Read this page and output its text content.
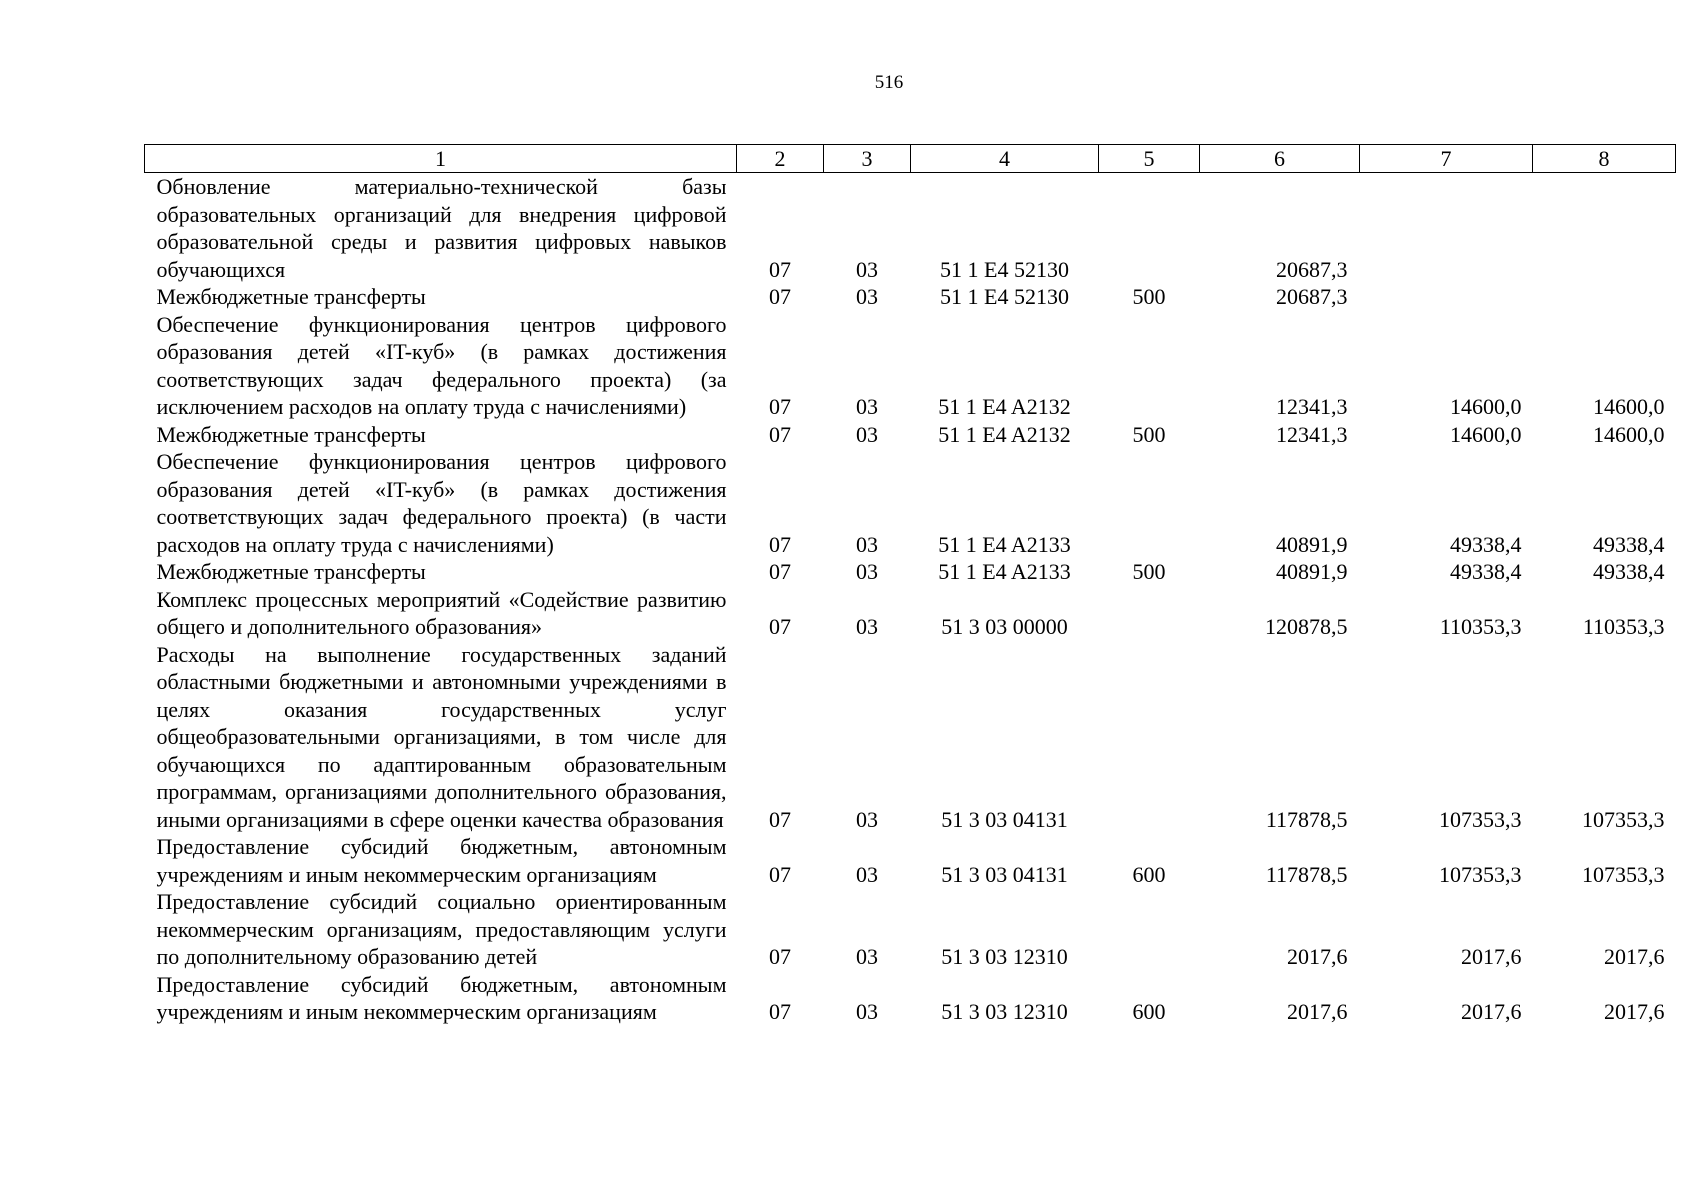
516
1	2	3	4	5	6	7	8
Обновление материально-технической базы образовательных организаций для внедрения цифровой образовательной среды и развития цифровых навыков обучающихся	07	03	51 1 E4 52130		20687,3		
Межбюджетные трансферты	07	03	51 1 E4 52130	500	20687,3		
Обеспечение функционирования центров цифрового образования детей «IT-куб» (в рамках достижения соответствующих задач федерального проекта) (за исключением расходов на оплату труда с начислениями)	07	03	51 1 E4 A2132		12341,3	14600,0	14600,0
Межбюджетные трансферты	07	03	51 1 E4 A2132	500	12341,3	14600,0	14600,0
Обеспечение функционирования центров цифрового образования детей «IT-куб» (в рамках достижения соответствующих задач федерального проекта) (в части расходов на оплату труда с начислениями)	07	03	51 1 E4 A2133		40891,9	49338,4	49338,4
Межбюджетные трансферты	07	03	51 1 E4 A2133	500	40891,9	49338,4	49338,4
Комплекс процессных мероприятий «Содействие развитию общего и дополнительного образования»	07	03	51 3 03 00000		120878,5	110353,3	110353,3
Расходы на выполнение государственных заданий областными бюджетными и автономными учреждениями в целях оказания государственных услуг общеобразовательными организациями, в том числе для обучающихся по адаптированным образовательным программам, организациями дополнительного образования, иными организациями в сфере оценки качества образования	07	03	51 3 03 04131		117878,5	107353,3	107353,3
Предоставление субсидий бюджетным, автономным учреждениям и иным некоммерческим организациям	07	03	51 3 03 04131	600	117878,5	107353,3	107353,3
Предоставление субсидий социально ориентированным некоммерческим организациям, предоставляющим услуги по дополнительному образованию детей	07	03	51 3 03 12310		2017,6	2017,6	2017,6
Предоставление субсидий бюджетным, автономным учреждениям и иным некоммерческим организациям	07	03	51 3 03 12310	600	2017,6	2017,6	2017,6
